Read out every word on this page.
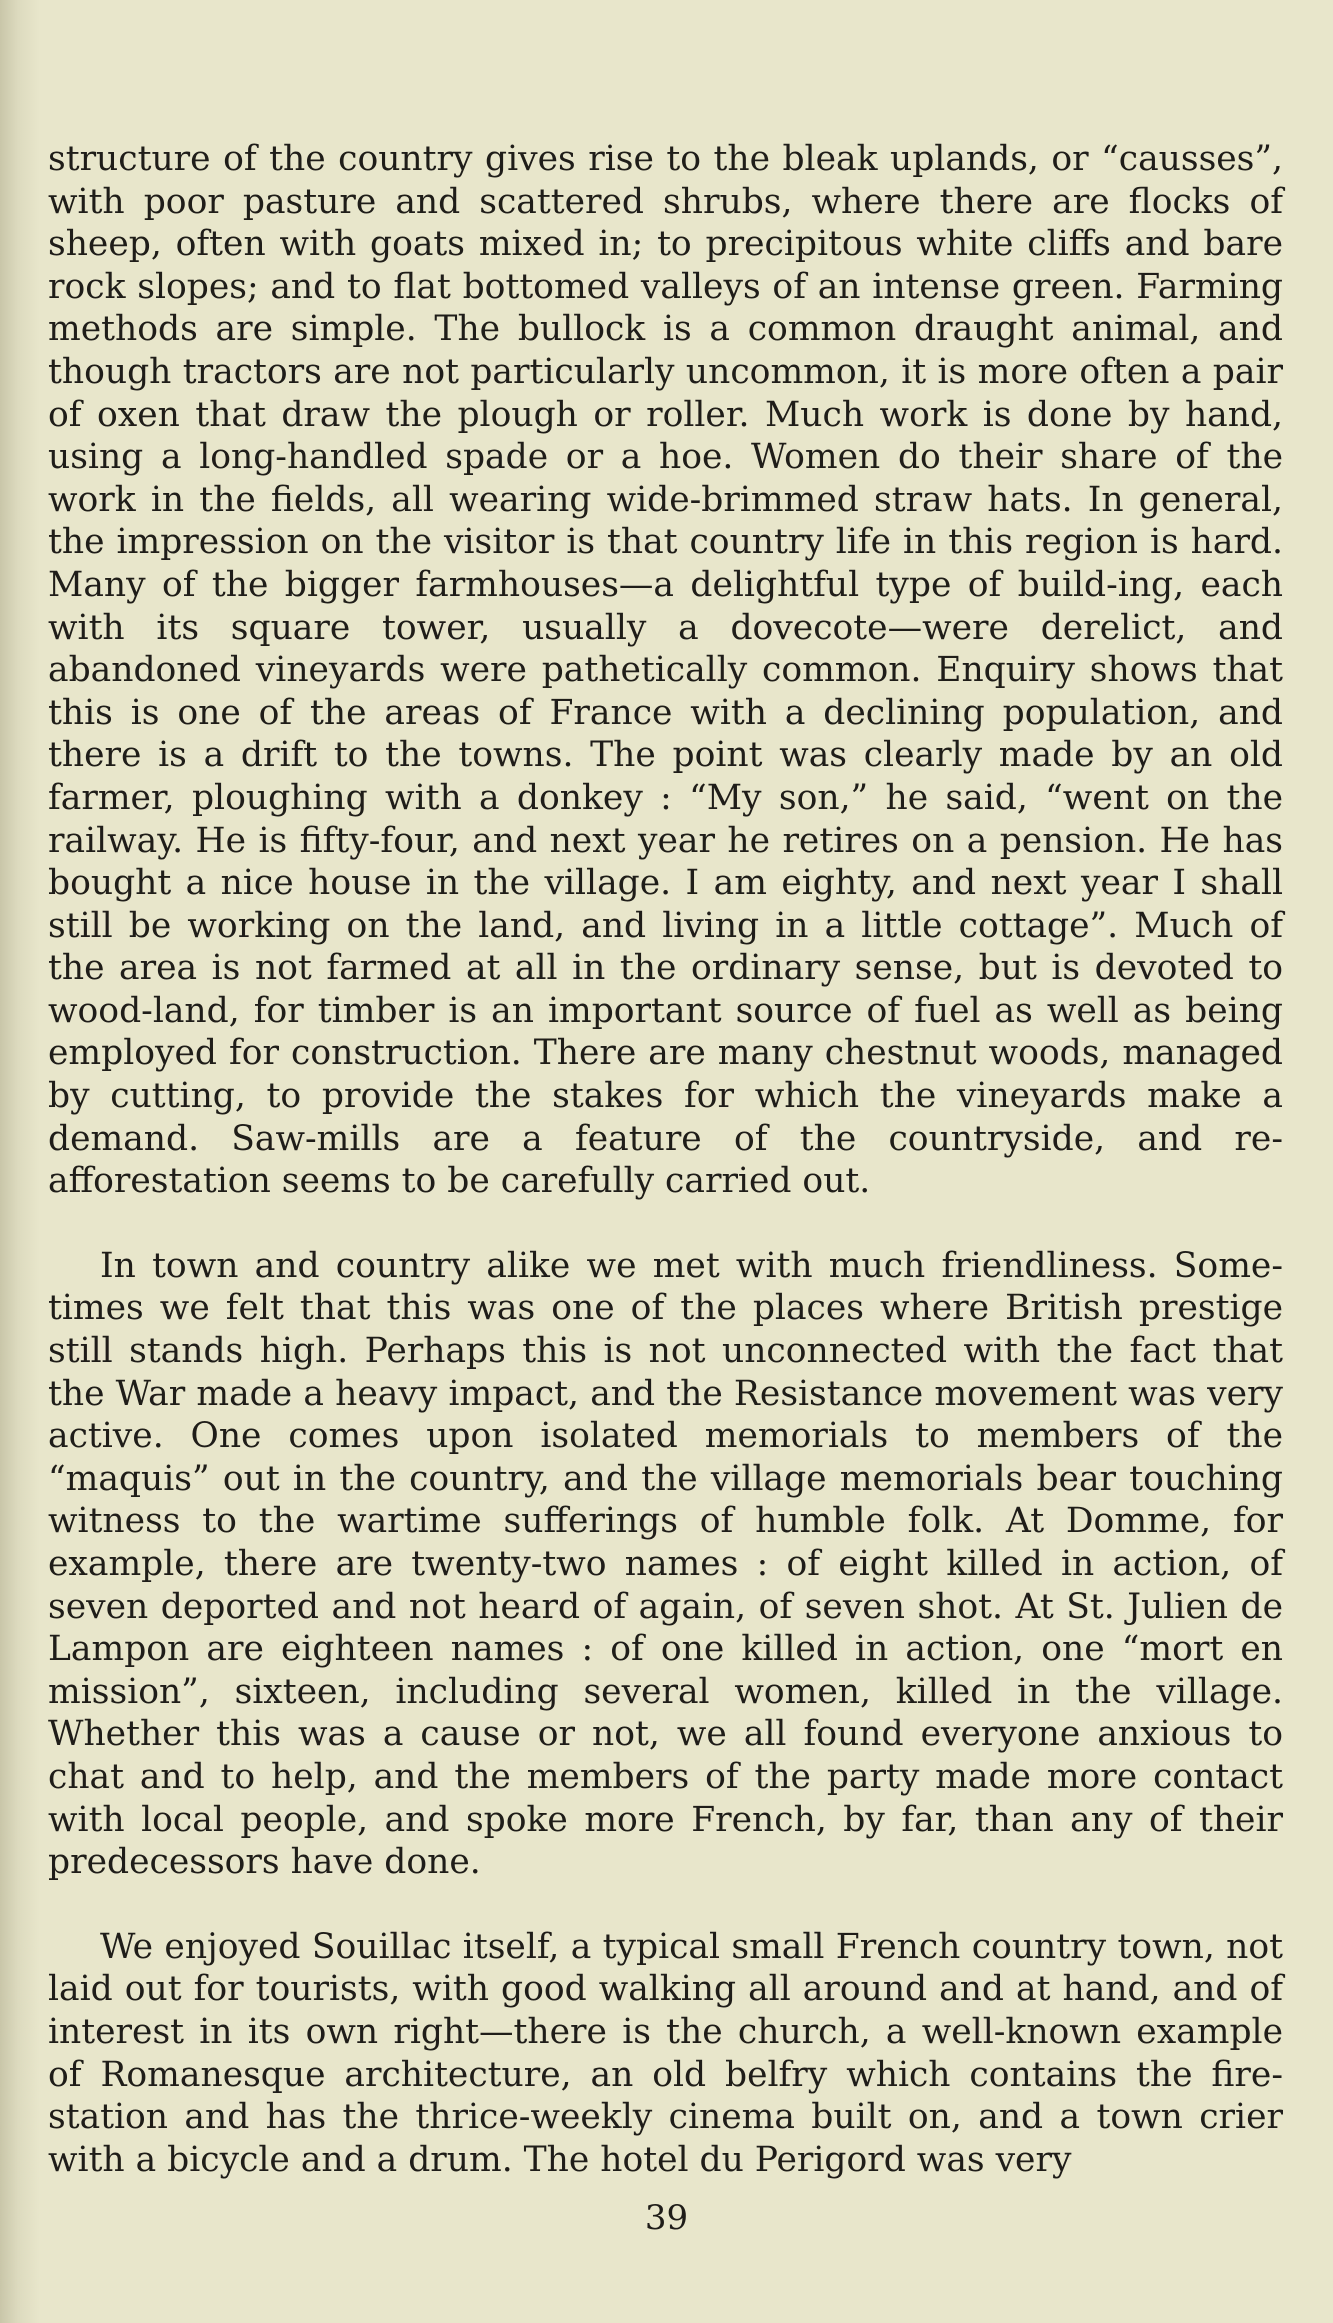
structure of the country gives rise to the bleak uplands, or “causses”, with poor pasture and scattered shrubs, where there are flocks of sheep, often with goats mixed in; to precipitous white cliffs and bare rock slopes; and to flat bottomed valleys of an intense green. Farming methods are simple. The bullock is a common draught animal, and though tractors are not particularly uncommon, it is more often a pair of oxen that draw the plough or roller. Much work is done by hand, using a long-handled spade or a hoe. Women do their share of the work in the fields, all wearing wide-brimmed straw hats. In general, the impression on the visitor is that country life in this region is hard. Many of the bigger farmhouses—a delightful type of build-ing, each with its square tower, usually a dovecote—were derelict, and abandoned vineyards were pathetically common. Enquiry shows that this is one of the areas of France with a declining population, and there is a drift to the towns. The point was clearly made by an old farmer, ploughing with a donkey : “My son,” he said, “went on the railway. He is fifty-four, and next year he retires on a pension. He has bought a nice house in the village. I am eighty, and next year I shall still be working on the land, and living in a little cottage”. Much of the area is not farmed at all in the ordinary sense, but is devoted to wood-land, for timber is an important source of fuel as well as being employed for construction. There are many chestnut woods, managed by cutting, to provide the stakes for which the vineyards make a demand. Saw-mills are a feature of the countryside, and re-afforestation seems to be carefully carried out.

In town and country alike we met with much friendliness. Some-times we felt that this was one of the places where British prestige still stands high. Perhaps this is not unconnected with the fact that the War made a heavy impact, and the Resistance movement was very active. One comes upon isolated memorials to members of the “maquis” out in the country, and the village memorials bear touching witness to the wartime sufferings of humble folk. At Domme, for example, there are twenty-two names : of eight killed in action, of seven deported and not heard of again, of seven shot. At St. Julien de Lampon are eighteen names : of one killed in action, one “mort en mission”, sixteen, including several women, killed in the village. Whether this was a cause or not, we all found everyone anxious to chat and to help, and the members of the party made more contact with local people, and spoke more French, by far, than any of their predecessors have done.

We enjoyed Souillac itself, a typical small French country town, not laid out for tourists, with good walking all around and at hand, and of interest in its own right—there is the church, a well-known example of Romanesque architecture, an old belfry which contains the fire-station and has the thrice-weekly cinema built on, and a town crier with a bicycle and a drum. The hotel du Perigord was very

39
